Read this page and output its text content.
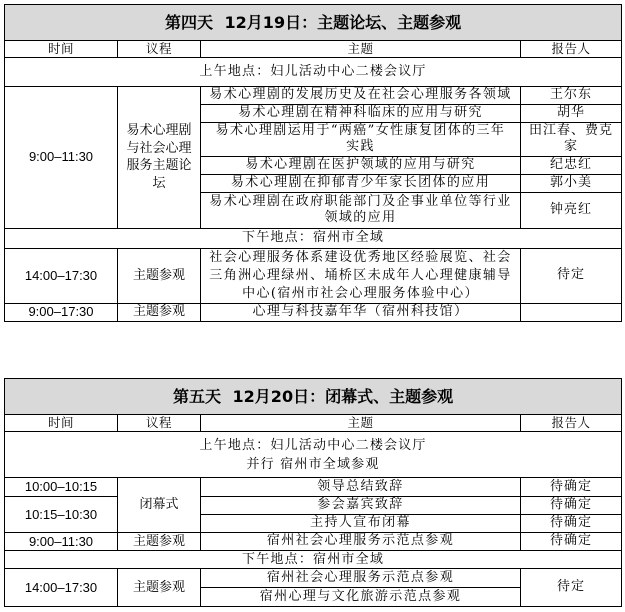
第四天 12月19日：主题论坛、主题参观			
时间	议程	主题	报告人
上午地点：妇儿活动中心二楼会议厅			
9:00–11:30	易术心理剧与社会心理服务主题论坛	易术心理剧的发展历史及在社会心理服务各领域	王尔东

		易术心理剧在精神科临床的应用与研究	胡华

		易术心理剧运用于“两癌”女性康复团体的三年
实践	田江春、费克家

		易术心理剧在医护领域的应用与研究	纪忠红

		易术心理剧在抑郁青少年家长团体的应用	郭小美

		易术心理剧在政府职能部门及企事业单位等行业
领域的应用	钟亮红
下午地点：宿州市全域			
14:00–17:30	主题参观	社会心理服务体系建设优秀地区经验展览、社会
三角洲心理绿州、埇桥区未成年人心理健康辅导
中心(宿州市社会心理服务体验中心）	待定
9:00–17:30	主题参观	心理与科技嘉年华（宿州科技馆）	

第五天 12月20日：闭幕式、主题参观			
时间	议程	主题	报告人

上午地点：妇儿活动中心二楼会议厅
并行 宿州市全域参观			

10:00–10:15	闭幕式	领导总结致辞	待确定
10:15–10:30		参会嘉宾致辞	待确定

		主持人宣布闭幕	待确定
9:00–11:30	主题参观	宿州社会心理服务示范点参观	待确定
下午地点：宿州市全域			
14:00–17:30	主题参观	宿州社会心理服务示范点参观	待定

		宿州心理与文化旅游示范点参观	
